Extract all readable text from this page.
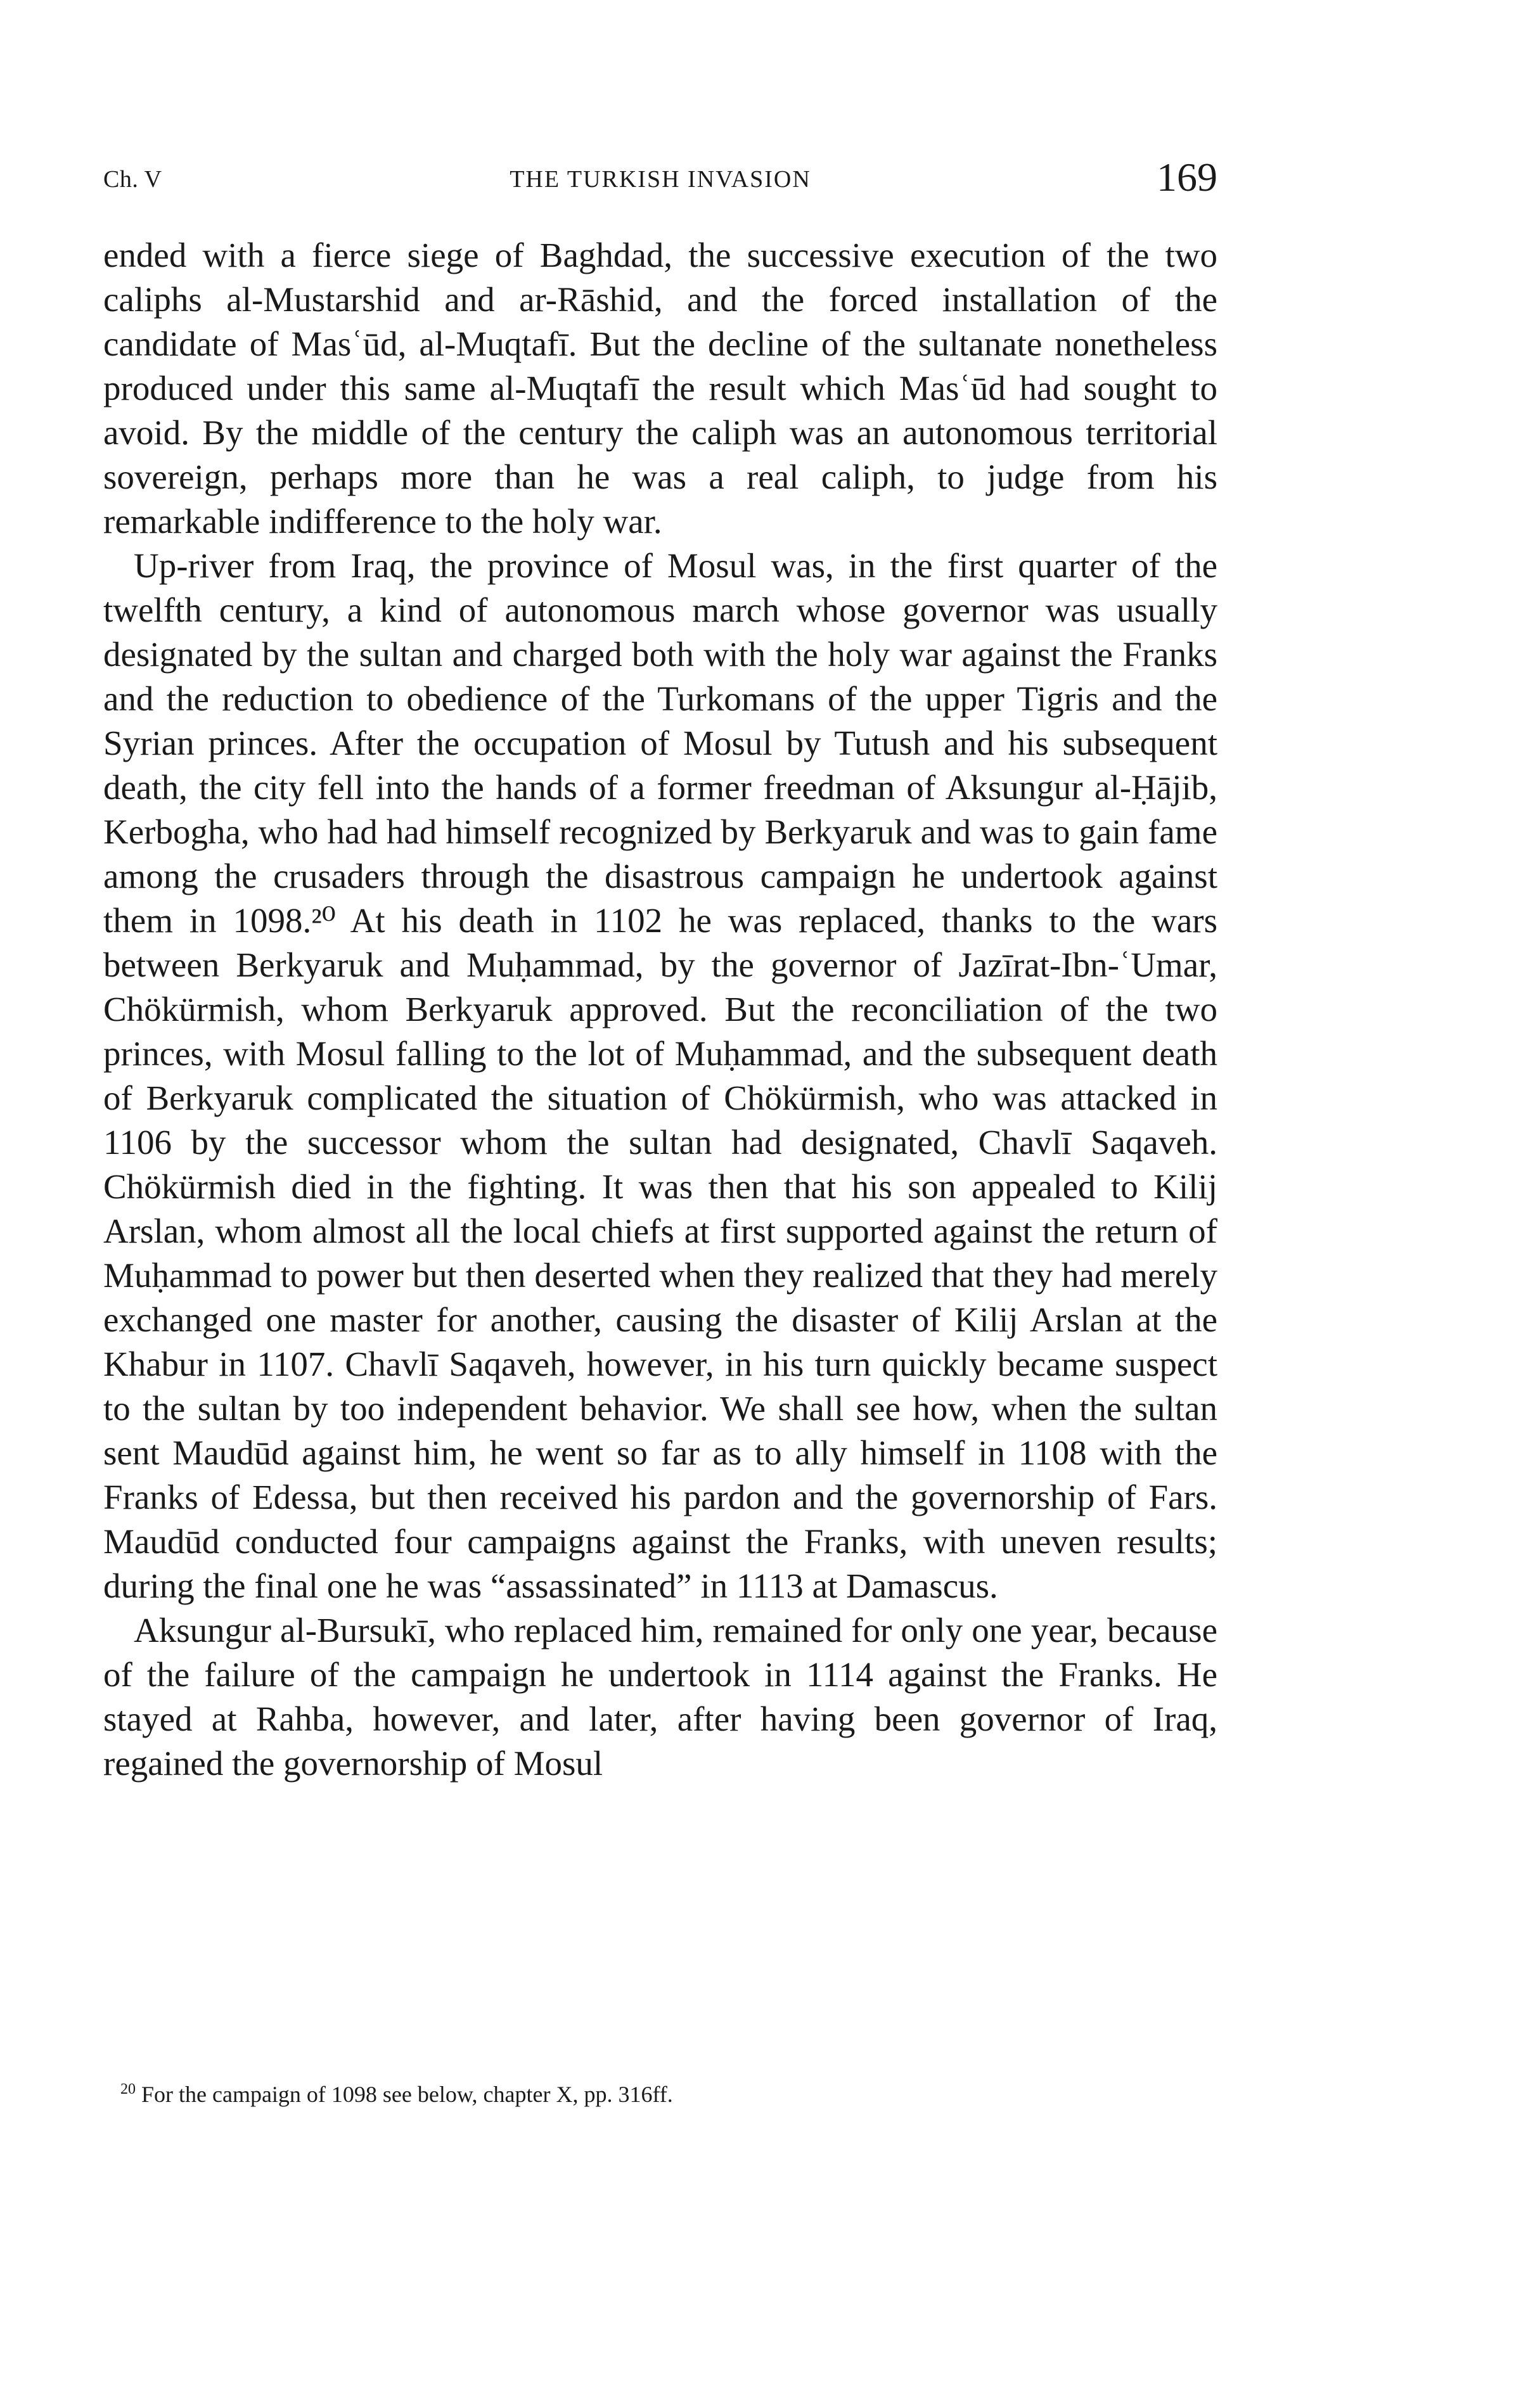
Ch. V	THE TURKISH INVASION	169

ended with a fierce siege of Baghdad, the successive execution of the two caliphs al-Mustarshid and ar-Rāshid, and the forced installation of the candidate of Masʿūd, al-Muqtafī. But the decline of the sultanate nonetheless produced under this same al-Muqtafī the result which Masʿūd had sought to avoid. By the middle of the century the caliph was an autonomous territorial sovereign, perhaps more than he was a real caliph, to judge from his remarkable indifference to the holy war.

Up-river from Iraq, the province of Mosul was, in the first quarter of the twelfth century, a kind of autonomous march whose governor was usually designated by the sultan and charged both with the holy war against the Franks and the reduction to obedience of the Turkomans of the upper Tigris and the Syrian princes. After the occupation of Mosul by Tutush and his subsequent death, the city fell into the hands of a former freedman of Aksungur al-Ḥājib, Kerbogha, who had had himself recognized by Berkyaruk and was to gain fame among the crusaders through the disastrous campaign he undertook against them in 1098.²⁰ At his death in 1102 he was replaced, thanks to the wars between Berkyaruk and Muḥammad, by the governor of Jazīrat-Ibn-ʿUmar, Chökürmish, whom Berkyaruk approved. But the reconciliation of the two princes, with Mosul falling to the lot of Muḥammad, and the subsequent death of Berkyaruk complicated the situation of Chökürmish, who was attacked in 1106 by the successor whom the sultan had designated, Chavlī Saqaveh. Chökürmish died in the fighting. It was then that his son appealed to Kilij Arslan, whom almost all the local chiefs at first supported against the return of Muḥammad to power but then deserted when they realized that they had merely exchanged one master for another, causing the disaster of Kilij Arslan at the Khabur in 1107. Chavlī Saqaveh, however, in his turn quickly became suspect to the sultan by too independent behavior. We shall see how, when the sultan sent Maudūd against him, he went so far as to ally himself in 1108 with the Franks of Edessa, but then received his pardon and the governorship of Fars. Maudūd conducted four campaigns against the Franks, with uneven results; during the final one he was “assassinated” in 1113 at Damascus.

Aksungur al-Bursukī, who replaced him, remained for only one year, because of the failure of the campaign he undertook in 1114 against the Franks. He stayed at Rahba, however, and later, after having been governor of Iraq, regained the governorship of Mosul

$^{20}$ For the campaign of 1098 see below, chapter X, pp. 316ff.
